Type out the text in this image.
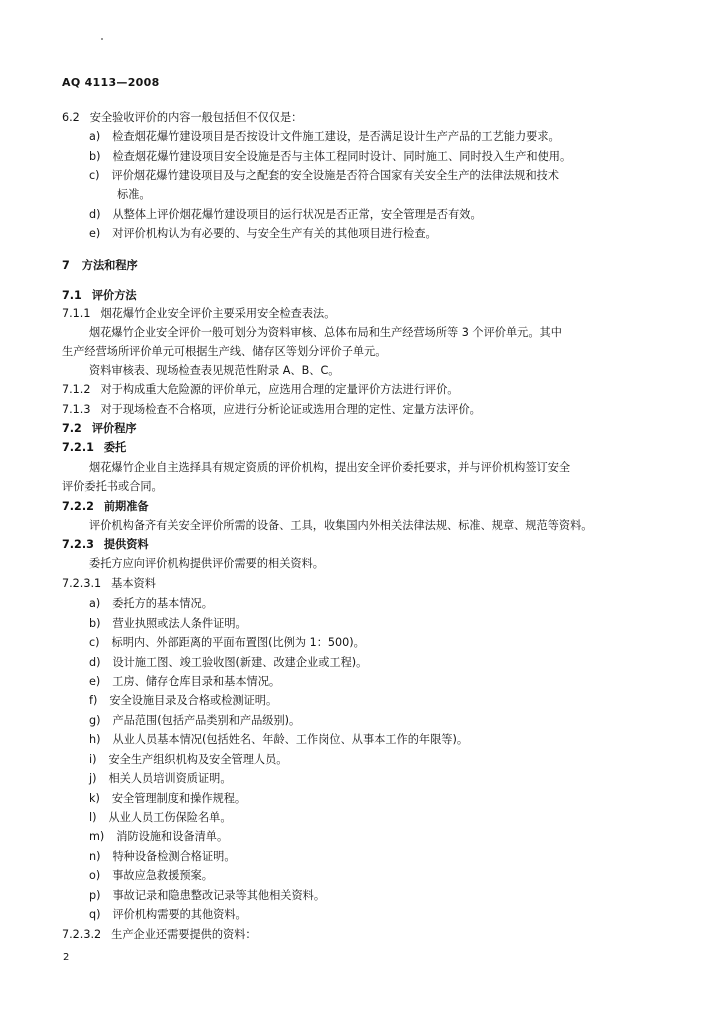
AQ 4113—2008
6.2 安全验收评价的内容一般包括但不仅仅是：
a) 检查烟花爆竹建设项目是否按设计文件施工建设，是否满足设计生产产品的工艺能力要求。
b) 检查烟花爆竹建设项目安全设施是否与主体工程同时设计、同时施工、同时投入生产和使用。
c) 评价烟花爆竹建设项目及与之配套的安全设施是否符合国家有关安全生产的法律法规和技术
标准。
d) 从整体上评价烟花爆竹建设项目的运行状况是否正常，安全管理是否有效。
e) 对评价机构认为有必要的、与安全生产有关的其他项目进行检查。
7 方法和程序
7.1 评价方法
7.1.1 烟花爆竹企业安全评价主要采用安全检查表法。
烟花爆竹企业安全评价一般可划分为资料审核、总体布局和生产经营场所等 3 个评价单元。其中
生产经营场所评价单元可根据生产线、储存区等划分评价子单元。
资料审核表、现场检查表见规范性附录 A、B、C。
7.1.2 对于构成重大危险源的评价单元，应选用合理的定量评价方法进行评价。
7.1.3 对于现场检查不合格项，应进行分析论证或选用合理的定性、定量方法评价。
7.2 评价程序
7.2.1 委托
烟花爆竹企业自主选择具有规定资质的评价机构，提出安全评价委托要求，并与评价机构签订安全
评价委托书或合同。
7.2.2 前期准备
评价机构备齐有关安全评价所需的设备、工具，收集国内外相关法律法规、标准、规章、规范等资料。
7.2.3 提供资料
委托方应向评价机构提供评价需要的相关资料。
7.2.3.1 基本资料
a) 委托方的基本情况。
b) 营业执照或法人条件证明。
c) 标明内、外部距离的平面布置图(比例为 1：500)。
d) 设计施工图、竣工验收图(新建、改建企业或工程)。
e) 工房、储存仓库目录和基本情况。
f) 安全设施目录及合格或检测证明。
g) 产品范围(包括产品类别和产品级别)。
h) 从业人员基本情况(包括姓名、年龄、工作岗位、从事本工作的年限等)。
i) 安全生产组织机构及安全管理人员。
j) 相关人员培训资质证明。
k) 安全管理制度和操作规程。
l) 从业人员工伤保险名单。
m) 消防设施和设备清单。
n) 特种设备检测合格证明。
o) 事故应急救援预案。
p) 事故记录和隐患整改记录等其他相关资料。
q) 评价机构需要的其他资料。
7.2.3.2 生产企业还需要提供的资料：
2
